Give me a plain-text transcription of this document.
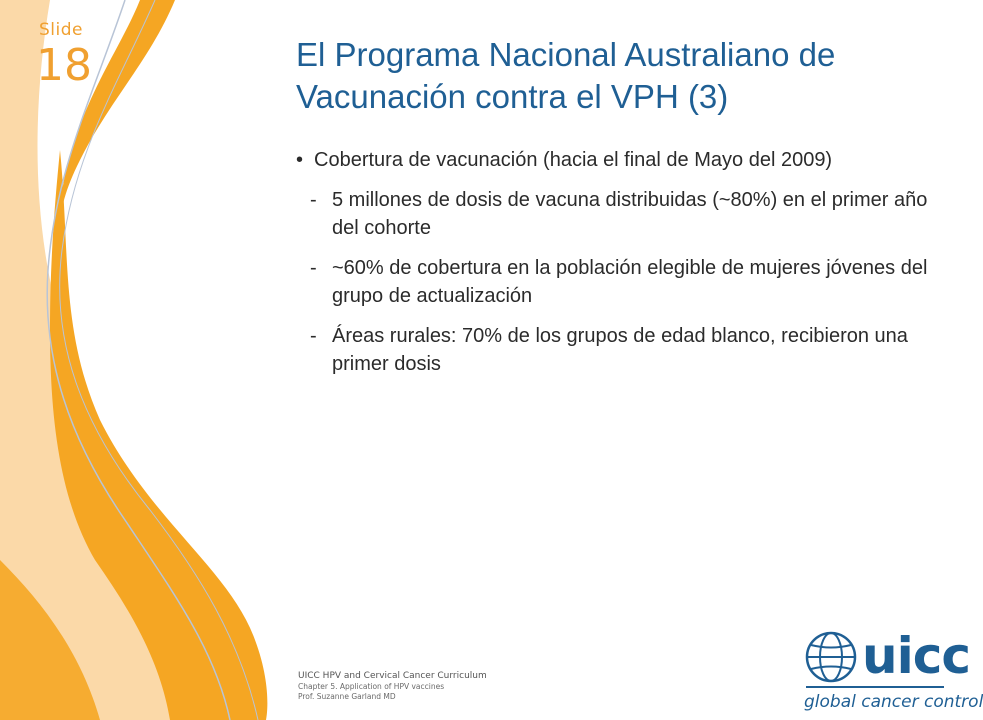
Slide
18	El Programa Nacional Australiano de Vacunación contra el VPH (3)
• Cobertura de vacunación (hacia el final de Mayo del 2009)
- 5 millones de dosis de vacuna distribuidas (~80%) en el primer año del cohorte
- ~60% de cobertura en la población elegible de mujeres jóvenes del grupo de actualización
- Áreas rurales: 70% de los grupos de edad blanco, recibieron una primer dosis
UICC HPV and Cervical Cancer Curriculum
Chapter 5. Application of HPV vaccines
Prof. Suzanne Garland MD
uicc
global cancer control
